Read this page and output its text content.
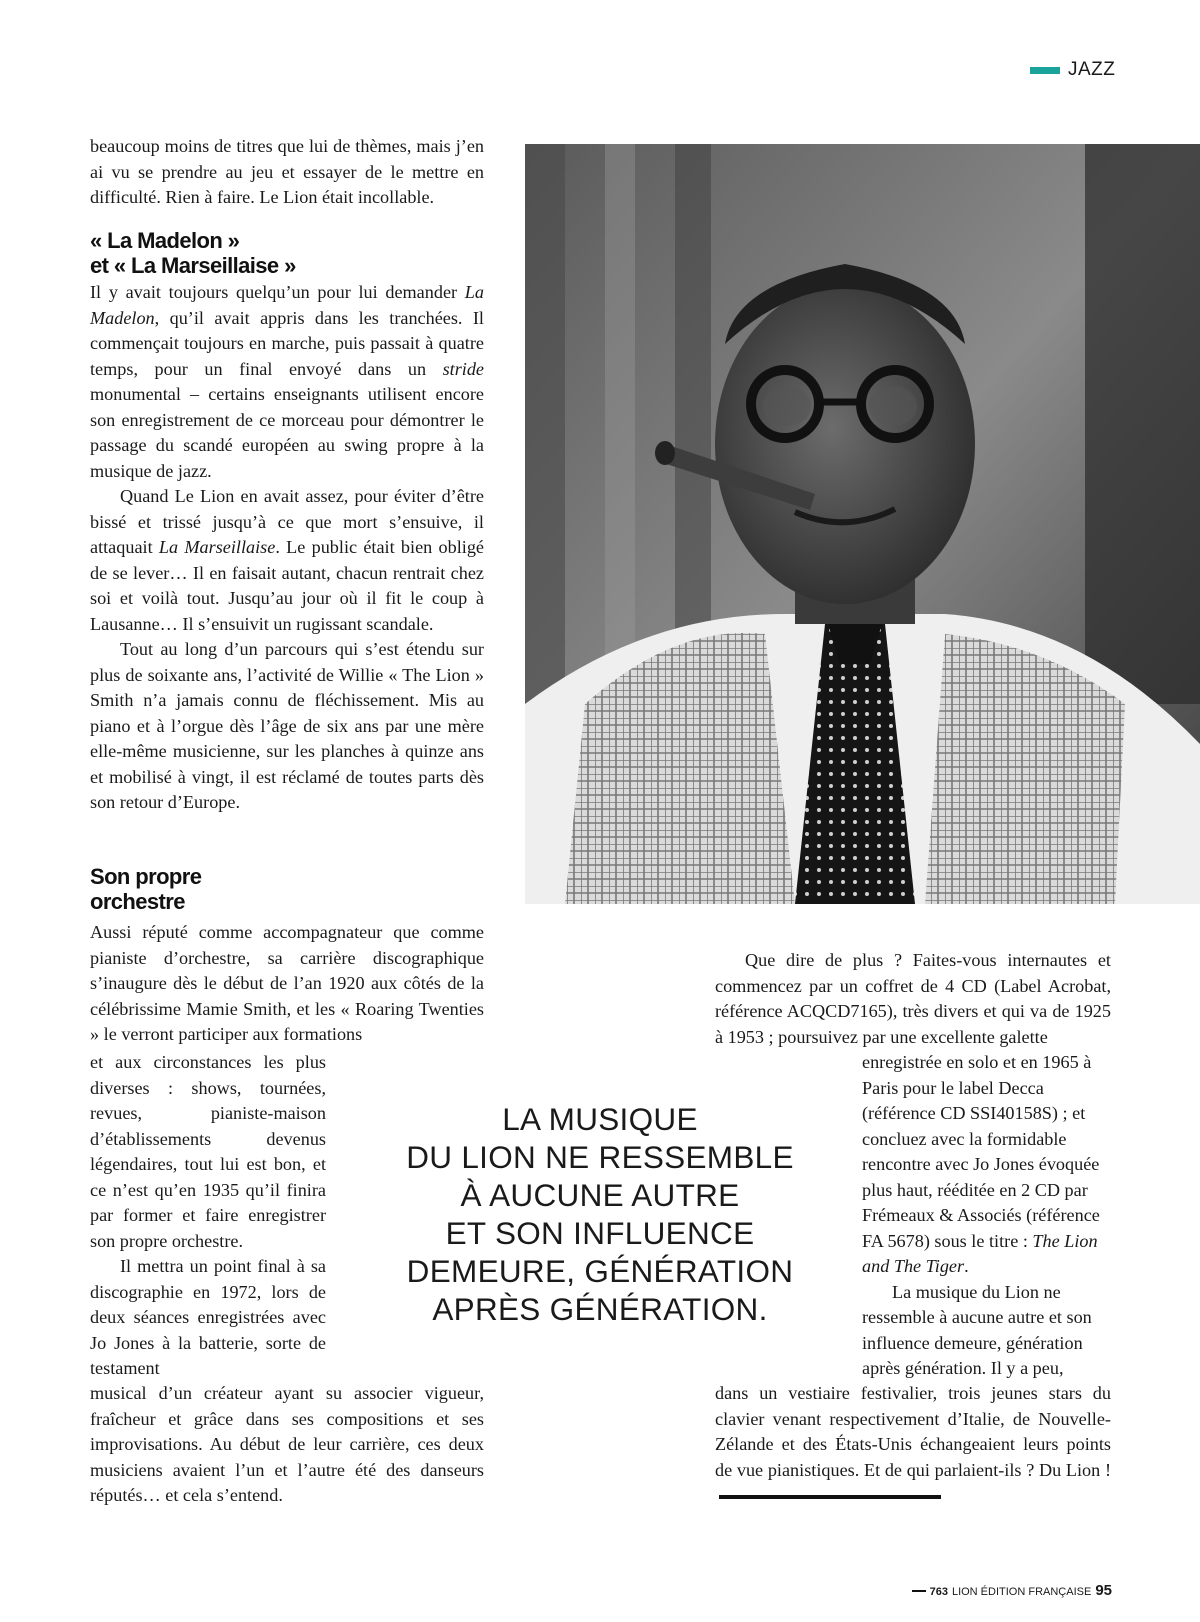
JAZZ

beaucoup moins de titres que lui de thèmes, mais j’en ai vu se prendre au jeu et essayer de le mettre en difficulté. Rien à faire. Le Lion était incollable.

« La Madelon »
et « La Marseillaise »

Il y avait toujours quelqu’un pour lui demander La Madelon, qu’il avait appris dans les tranchées. Il commençait toujours en marche, puis passait à quatre temps, pour un final envoyé dans un stride monumental – certains enseignants utilisent encore son enregistrement de ce morceau pour démontrer le passage du scandé européen au swing propre à la musique de jazz.

Quand Le Lion en avait assez, pour éviter d’être bissé et trissé jusqu’à ce que mort s’ensuive, il attaquait La Marseillaise. Le public était bien obligé de se lever… Il en faisait autant, chacun rentrait chez soi et voilà tout. Jusqu’au jour où il fit le coup à Lausanne… Il s’ensuivit un rugissant scandale.

Tout au long d’un parcours qui s’est étendu sur plus de soixante ans, l’activité de Willie « The Lion » Smith n’a jamais connu de fléchissement. Mis au piano et à l’orgue dès l’âge de six ans par une mère elle-même musicienne, sur les planches à quinze ans et mobilisé à vingt, il est réclamé de toutes parts dès son retour d’Europe.

Son propre
orchestre

Aussi réputé comme accompagnateur que comme pianiste d’orchestre, sa carrière discographique s’inaugure dès le début de l’an 1920 aux côtés de la célébrissime Mamie Smith, et les « Roaring Twenties » le verront participer aux formations

et aux circonstances les plus diverses : shows, tournées, revues, pianiste-maison d’établissements devenus légendaires, tout lui est bon, et ce n’est qu’en 1935 qu’il finira par former et faire enregistrer son propre orchestre.

Il mettra un point final à sa discographie en 1972, lors de deux séances enregistrées avec Jo Jones à la batterie, sorte de testament

musical d’un créateur ayant su associer vigueur, fraîcheur et grâce dans ses compositions et ses improvisations. Au début de leur carrière, ces deux musiciens avaient l’un et l’autre été des danseurs réputés… et cela s’entend.

Que dire de plus ? Faites-vous internautes et commencez par un coffret de 4 CD (Label Acrobat, référence ACQCD7165), très divers et qui va de 1925 à 1953 ; poursuivez par une excellente galette

enregistrée en solo et en 1965 à Paris pour le label Decca (référence CD SSI40158S) ; et concluez avec la formidable rencontre avec Jo Jones évoquée plus haut, rééditée en 2 CD par Frémeaux & Associés (référence FA 5678) sous le titre : The Lion and The Tiger.

La musique du Lion ne ressemble à aucune autre et son influence demeure, génération après génération. Il y a peu,

dans un vestiaire festivalier, trois jeunes stars du clavier venant respectivement d’Italie, de Nouvelle-Zélande et des États-Unis échangeaient leurs points de vue pianistiques. Et de qui parlaient-ils ? Du Lion !

LA MUSIQUE
DU LION NE RESSEMBLE
À AUCUNE AUTRE
ET SON INFLUENCE
DEMEURE, GÉNÉRATION
APRÈS GÉNÉRATION.
763 LION ÉDITION FRANÇAISE 95
